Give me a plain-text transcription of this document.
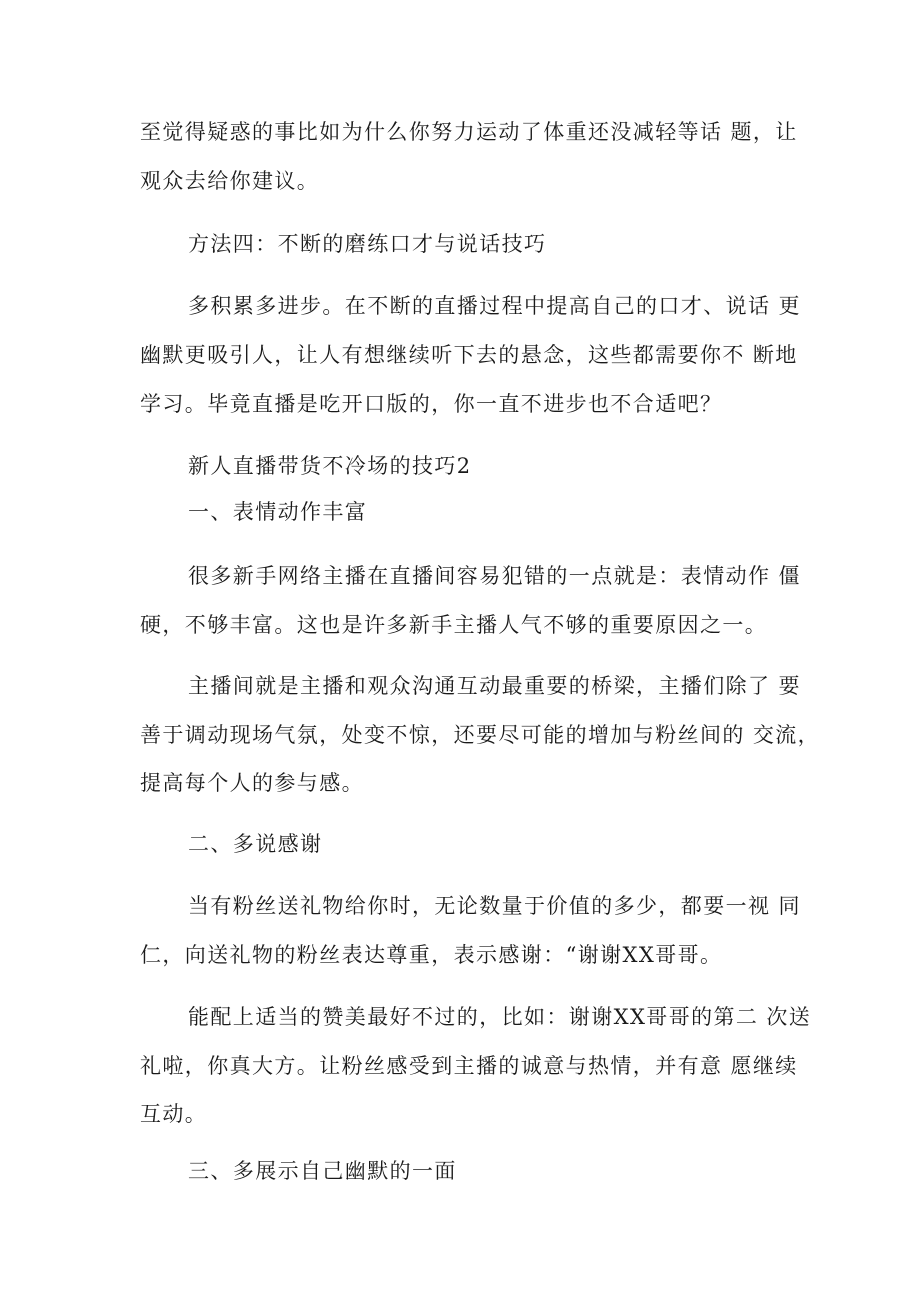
至觉得疑惑的事比如为什么你努力运动了体重还没减轻等话 题，让
观众去给你建议。
方法四：不断的磨练口才与说话技巧
多积累多进步。在不断的直播过程中提高自己的口才、说话 更
幽默更吸引人，让人有想继续听下去的悬念，这些都需要你不 断地
学习。毕竟直播是吃开口版的，你一直不进步也不合适吧？
新人直播带货不冷场的技巧2
一、表情动作丰富
很多新手网络主播在直播间容易犯错的一点就是：表情动作 僵
硬，不够丰富。这也是许多新手主播人气不够的重要原因之一。
主播间就是主播和观众沟通互动最重要的桥梁，主播们除了 要
善于调动现场气氛，处变不惊，还要尽可能的增加与粉丝间的 交流，
提高每个人的参与感。
二、多说感谢
当有粉丝送礼物给你时，无论数量于价值的多少，都要一视 同
仁，向送礼物的粉丝表达尊重，表示感谢：“谢谢XX哥哥。
能配上适当的赞美最好不过的，比如：谢谢XX哥哥的第二 次送
礼啦，你真大方。让粉丝感受到主播的诚意与热情，并有意 愿继续
互动。
三、多展示自己幽默的一面
